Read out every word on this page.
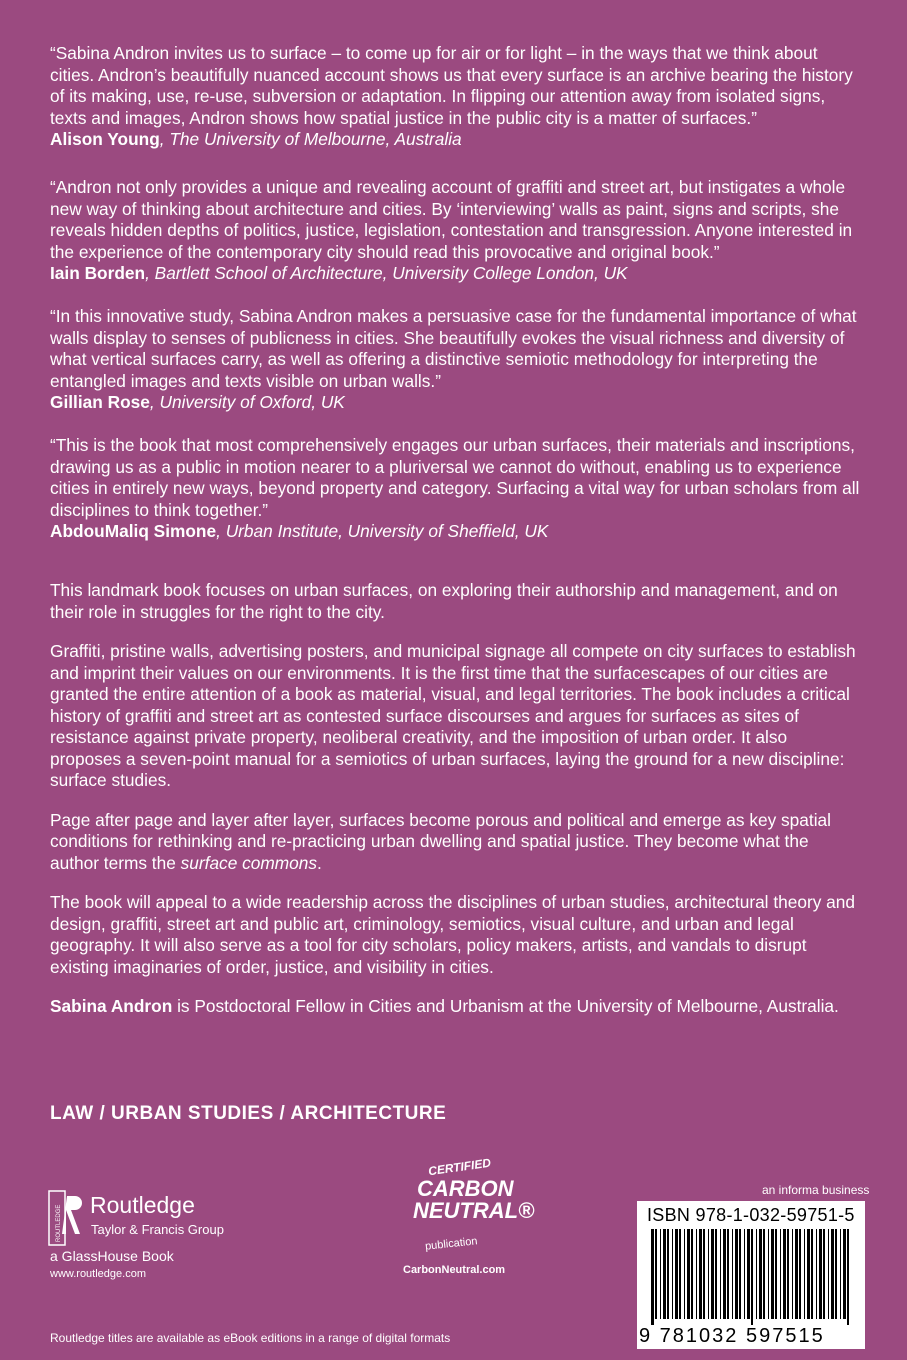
“Sabina Andron invites us to surface – to come up for air or for light – in the ways that we think about cities. Andron’s beautifully nuanced account shows us that every surface is an archive bearing the history of its making, use, re-use, subversion or adaptation. In flipping our attention away from isolated signs, texts and images, Andron shows how spatial justice in the public city is a matter of surfaces.”

Alison Young, The University of Melbourne, Australia

“Andron not only provides a unique and revealing account of graffiti and street art, but instigates a whole new way of thinking about architecture and cities. By ‘interviewing’ walls as paint, signs and scripts, she reveals hidden depths of politics, justice, legislation, contestation and transgression. Anyone interested in the experience of the contemporary city should read this provocative and original book.”

Iain Borden, Bartlett School of Architecture, University College London, UK

“In this innovative study, Sabina Andron makes a persuasive case for the fundamental importance of what walls display to senses of publicness in cities. She beautifully evokes the visual richness and diversity of what vertical surfaces carry, as well as offering a distinctive semiotic methodology for interpreting the entangled images and texts visible on urban walls.”

Gillian Rose, University of Oxford, UK

“This is the book that most comprehensively engages our urban surfaces, their materials and inscriptions, drawing us as a public in motion nearer to a pluriversal we cannot do without, enabling us to experience cities in entirely new ways, beyond property and category. Surfacing a vital way for urban scholars from all disciplines to think together.”

AbdouMaliq Simone, Urban Institute, University of Sheffield, UK

This landmark book focuses on urban surfaces, on exploring their authorship and management, and on their role in struggles for the right to the city.

Graffiti, pristine walls, advertising posters, and municipal signage all compete on city surfaces to establish and imprint their values on our environments. It is the first time that the surfacescapes of our cities are granted the entire attention of a book as material, visual, and legal territories. The book includes a critical history of graffiti and street art as contested surface discourses and argues for surfaces as sites of resistance against private property, neoliberal creativity, and the imposition of urban order. It also proposes a seven-point manual for a semiotics of urban surfaces, laying the ground for a new discipline: surface studies.

Page after page and layer after layer, surfaces become porous and political and emerge as key spatial conditions for rethinking and re-practicing urban dwelling and spatial justice. They become what the author terms the surface commons.

The book will appeal to a wide readership across the disciplines of urban studies, architectural theory and design, graffiti, street art and public art, criminology, semiotics, visual culture, and urban and legal geography. It will also serve as a tool for city scholars, policy makers, artists, and vandals to disrupt existing imaginaries of order, justice, and visibility in cities.

Sabina Andron is Postdoctoral Fellow in Cities and Urbanism at the University of Melbourne, Australia.

LAW / URBAN STUDIES / ARCHITECTURE
ROUTLEDGE Routledge
Taylor & Francis Group
a GlassHouse Book
www.routledge.com
CERTIFIED
CARBON
NEUTRAL®
publication
CarbonNeutral.com
an informa business
ISBN 978-1-032-59751-5
9 781032 597515
Routledge titles are available as eBook editions in a range of digital formats
